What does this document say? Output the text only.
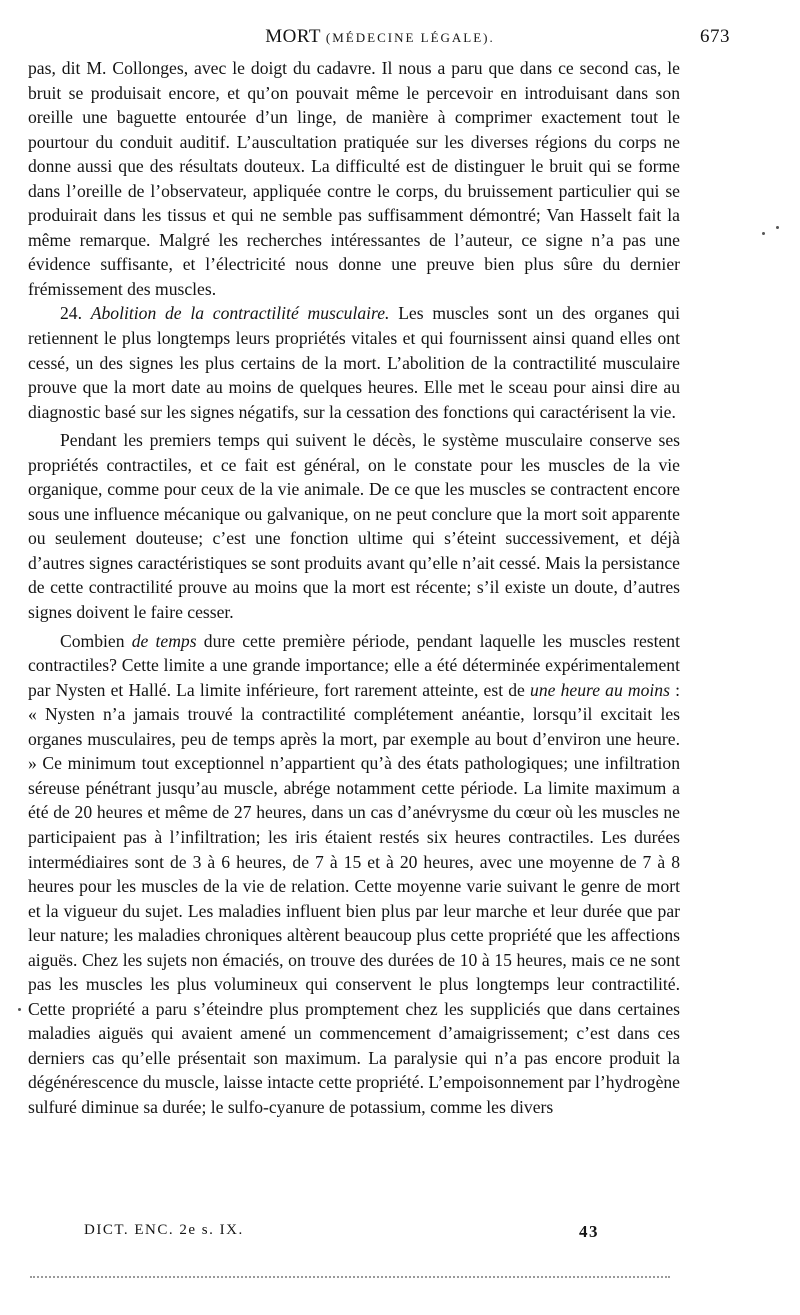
MORT (MÉDECINE LÉGALE).	673

pas, dit M. Collonges, avec le doigt du cadavre. Il nous a paru que dans ce second cas, le bruit se produisait encore, et qu’on pouvait même le percevoir en introduisant dans son oreille une baguette entourée d’un linge, de manière à comprimer exactement tout le pourtour du conduit auditif. L’auscultation pratiquée sur les diverses régions du corps ne donne aussi que des résultats douteux. La difficulté est de distinguer le bruit qui se forme dans l’oreille de l’observateur, appliquée contre le corps, du bruissement particulier qui se produirait dans les tissus et qui ne semble pas suffisamment démontré; Van Hasselt fait la même remarque. Malgré les recherches intéressantes de l’auteur, ce signe n’a pas une évidence suffisante, et l’électricité nous donne une preuve bien plus sûre du dernier frémissement des muscles.

24. Abolition de la contractilité musculaire. Les muscles sont un des organes qui retiennent le plus longtemps leurs propriétés vitales et qui fournissent ainsi quand elles ont cessé, un des signes les plus certains de la mort. L’abolition de la contractilité musculaire prouve que la mort date au moins de quelques heures. Elle met le sceau pour ainsi dire au diagnostic basé sur les signes négatifs, sur la cessation des fonctions qui caractérisent la vie.

Pendant les premiers temps qui suivent le décès, le système musculaire conserve ses propriétés contractiles, et ce fait est général, on le constate pour les muscles de la vie organique, comme pour ceux de la vie animale. De ce que les muscles se contractent encore sous une influence mécanique ou galvanique, on ne peut conclure que la mort soit apparente ou seulement douteuse; c’est une fonction ultime qui s’éteint successivement, et déjà d’autres signes caractéristiques se sont produits avant qu’elle n’ait cessé. Mais la persistance de cette contractilité prouve au moins que la mort est récente; s’il existe un doute, d’autres signes doivent le faire cesser.

Combien de temps dure cette première période, pendant laquelle les muscles restent contractiles? Cette limite a une grande importance; elle a été déterminée expérimentalement par Nysten et Hallé. La limite inférieure, fort rarement atteinte, est de une heure au moins : « Nysten n’a jamais trouvé la contractilité complétement anéantie, lorsqu’il excitait les organes musculaires, peu de temps après la mort, par exemple au bout d’environ une heure. » Ce minimum tout exceptionnel n’appartient qu’à des états pathologiques; une infiltration séreuse pénétrant jusqu’au muscle, abrége notamment cette période. La limite maximum a été de 20 heures et même de 27 heures, dans un cas d’anévrysme du cœur où les muscles ne participaient pas à l’infiltration; les iris étaient restés six heures contractiles. Les durées intermédiaires sont de 3 à 6 heures, de 7 à 15 et à 20 heures, avec une moyenne de 7 à 8 heures pour les muscles de la vie de relation. Cette moyenne varie suivant le genre de mort et la vigueur du sujet. Les maladies influent bien plus par leur marche et leur durée que par leur nature; les maladies chroniques altèrent beaucoup plus cette propriété que les affections aiguës. Chez les sujets non émaciés, on trouve des durées de 10 à 15 heures, mais ce ne sont pas les muscles les plus volumineux qui conservent le plus longtemps leur contractilité. Cette propriété a paru s’éteindre plus promptement chez les suppliciés que dans certaines maladies aiguës qui avaient amené un commencement d’amaigrissement; c’est dans ces derniers cas qu’elle présentait son maximum. La paralysie qui n’a pas encore produit la dégénérescence du muscle, laisse intacte cette propriété. L’empoisonnement par l’hydrogène sulfuré diminue sa durée; le sulfo-cyanure de potassium, comme les divers

DICT. ENC. 2e s. IX.	43
